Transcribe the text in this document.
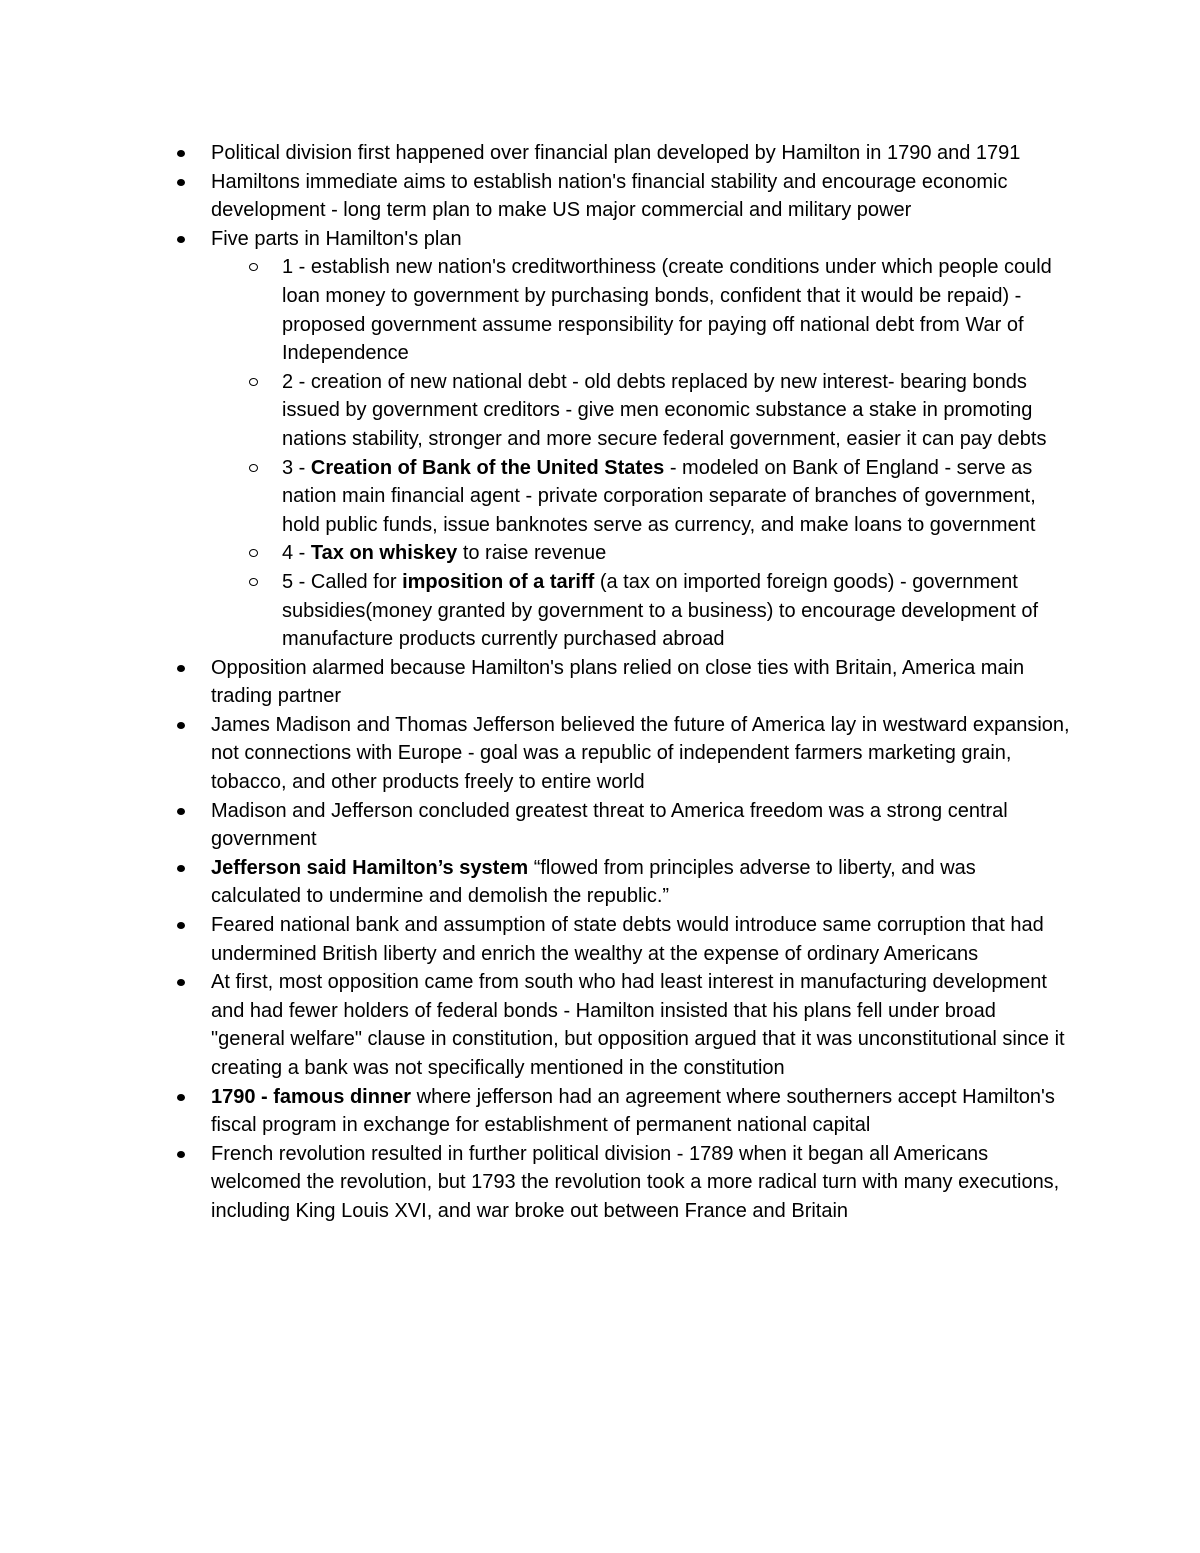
Political division first happened over financial plan developed by Hamilton in 1790 and 1791
Hamiltons immediate aims to establish nation's financial stability and encourage economic development - long term plan to make US major commercial and military power
Five parts in Hamilton's plan
1 - establish new nation's creditworthiness (create conditions under which people could loan money to government by purchasing bonds, confident that it would be repaid) - proposed government assume responsibility for paying off national debt from War of Independence
2 - creation of new national debt - old debts replaced by new interest- bearing bonds issued by government creditors - give men economic substance a stake in promoting nations stability, stronger and more secure federal government, easier it can pay debts
3 - Creation of Bank of the United States - modeled on Bank of England - serve as nation main financial agent - private corporation separate of branches of government, hold public funds, issue banknotes serve as currency, and make loans to government
4 - Tax on whiskey to raise revenue
5 - Called for imposition of a tariff (a tax on imported foreign goods) - government subsidies(money granted by government to a business) to encourage development of manufacture products currently purchased abroad
Opposition alarmed because Hamilton's plans relied on close ties with Britain, America main trading partner
James Madison and Thomas Jefferson believed the future of America lay in westward expansion, not connections with Europe - goal was a republic of independent farmers marketing grain, tobacco, and other products freely to entire world
Madison and Jefferson concluded greatest threat to America freedom was a strong central government
Jefferson said Hamilton’s system “flowed from principles adverse to liberty, and was calculated to undermine and demolish the republic.”
Feared national bank and assumption of state debts would introduce same corruption that had undermined British liberty and enrich the wealthy at the expense of ordinary Americans
At first, most opposition came from south who had least interest in manufacturing development and had fewer holders of federal bonds - Hamilton insisted that his plans fell under broad "general welfare" clause in constitution, but opposition argued that it was unconstitutional since it creating a bank was not specifically mentioned in the constitution
1790 - famous dinner where jefferson had an agreement where southerners accept Hamilton's fiscal program in exchange for establishment of permanent national capital
French revolution resulted in further political division - 1789 when it began all Americans welcomed the revolution, but 1793 the revolution took a more radical turn with many executions, including King Louis XVI, and war broke out between France and Britain
